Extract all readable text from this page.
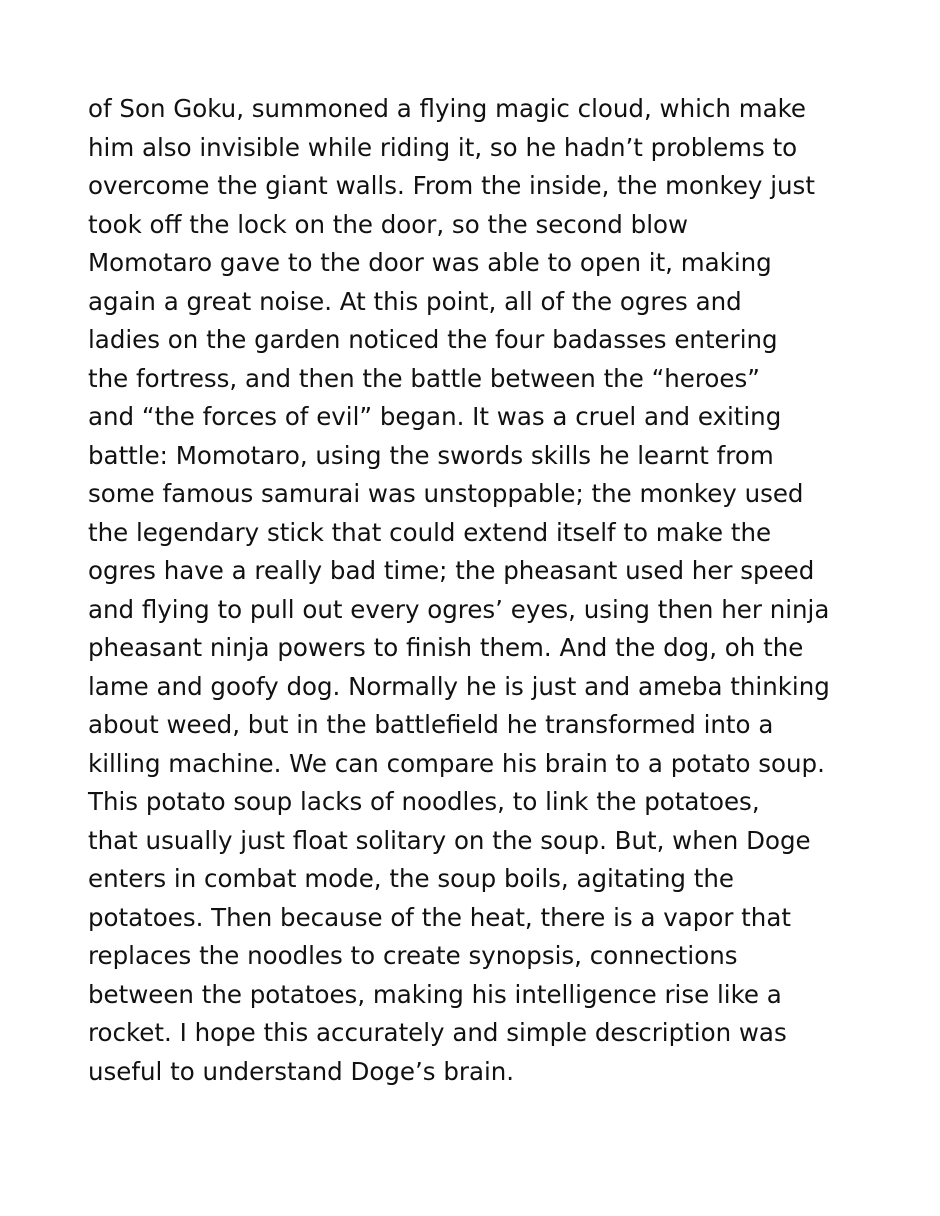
of Son Goku, summoned a flying magic cloud, which make
him also invisible while riding it, so he hadn’t problems to
overcome the giant walls. From the inside, the monkey just
took off the lock on the door, so the second blow
Momotaro gave to the door was able to open it, making
again a great noise. At this point, all of the ogres and
ladies on the garden noticed the four badasses entering
the fortress, and then the battle between the “heroes”
and “the forces of evil” began. It was a cruel and exiting
battle: Momotaro, using the swords skills he learnt from
some famous samurai was unstoppable; the monkey used
the legendary stick that could extend itself to make the
ogres have a really bad time; the pheasant used her speed
and flying to pull out every ogres’ eyes, using then her ninja
pheasant ninja powers to finish them. And the dog, oh the
lame and goofy dog. Normally he is just and ameba thinking
about weed, but in the battlefield he transformed into a
killing machine. We can compare his brain to a potato soup.
This potato soup lacks of noodles, to link the potatoes,
that usually just float solitary on the soup. But, when Doge
enters in combat mode, the soup boils, agitating the
potatoes. Then because of the heat, there is a vapor that
replaces the noodles to create synopsis, connections
between the potatoes, making his intelligence rise like a
rocket. I hope this accurately and simple description was
useful to understand Doge’s brain.
